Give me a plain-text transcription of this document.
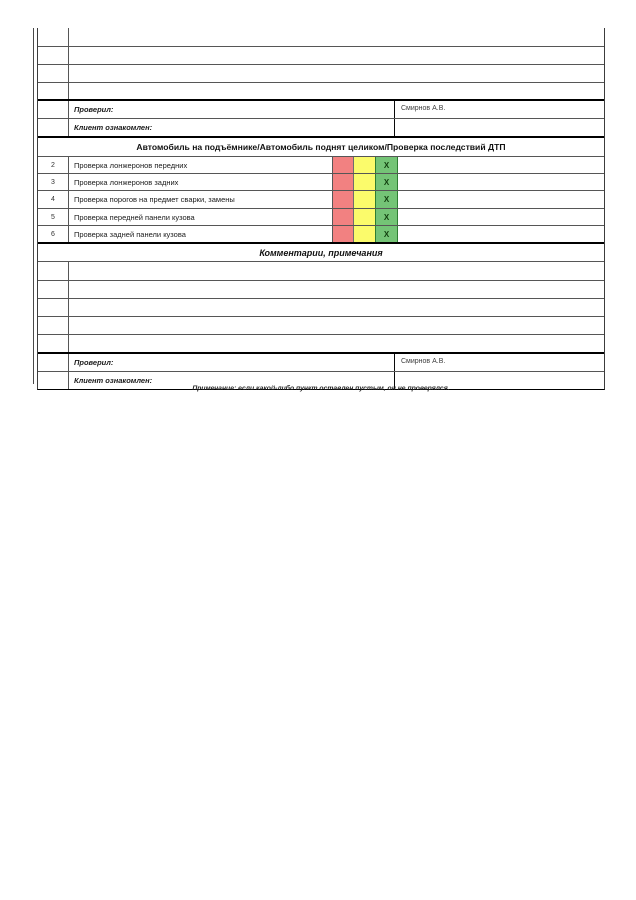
Проверил:	Смирнов А.В.
Клиент ознакомлен:
Автомобиль на подъёмнике/Автомобиль поднят целиком/Проверка последствий ДТП
2	Проверка лонжеронов передних	X
3	Проверка лонжеронов задних	X
4	Проверка порогов на предмет сварки, замены	X
5	Проверка передней панели кузова	X
6	Проверка задней панели кузова	X
Комментарии, примечания
Проверил:	Смирнов А.В.
Клиент ознакомлен:
Примечание: если какой-либо пункт оставлен пустым, он не проверялся.
